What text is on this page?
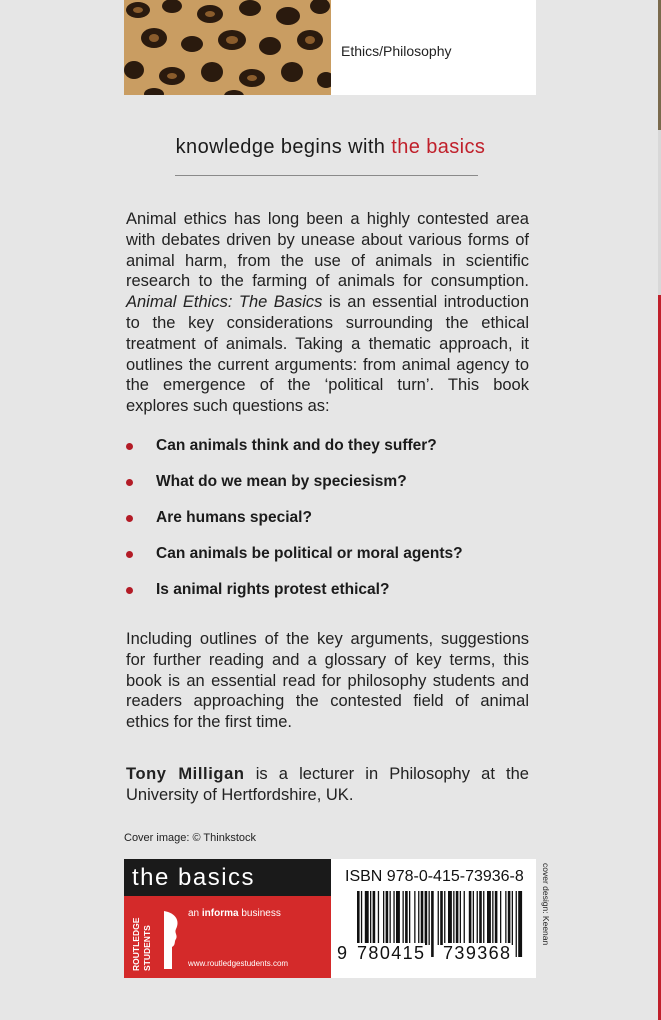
Ethics/Philosophy
knowledge begins with the basics

Animal ethics has long been a highly contested area with debates driven by unease about various forms of animal harm, from the use of animals in scientific research to the farming of animals for consumption. Animal Ethics: The Basics is an essential introduction to the key considerations surrounding the ethical treatment of animals. Taking a thematic approach, it outlines the current arguments: from animal agency to the emergence of the ‘political turn’. This book explores such questions as:

Can animals think and do they suffer?
What do we mean by speciesism?
Are humans special?
Can animals be political or moral agents?
Is animal rights protest ethical?

Including outlines of the key arguments, suggestions for further reading and a glossary of key terms, this book is an essential read for philosophy students and readers approaching the contested field of animal ethics for the first time.

Tony Milligan is a lecturer in Philosophy at the University of Hertfordshire, UK.

Cover image: © Thinkstock
the basics
ROUTLEDGE STUDENTS
an informa business
www.routledgestudents.com
ISBN 978-0-415-73936-8
9 780415 739368
cover design: Keenan
